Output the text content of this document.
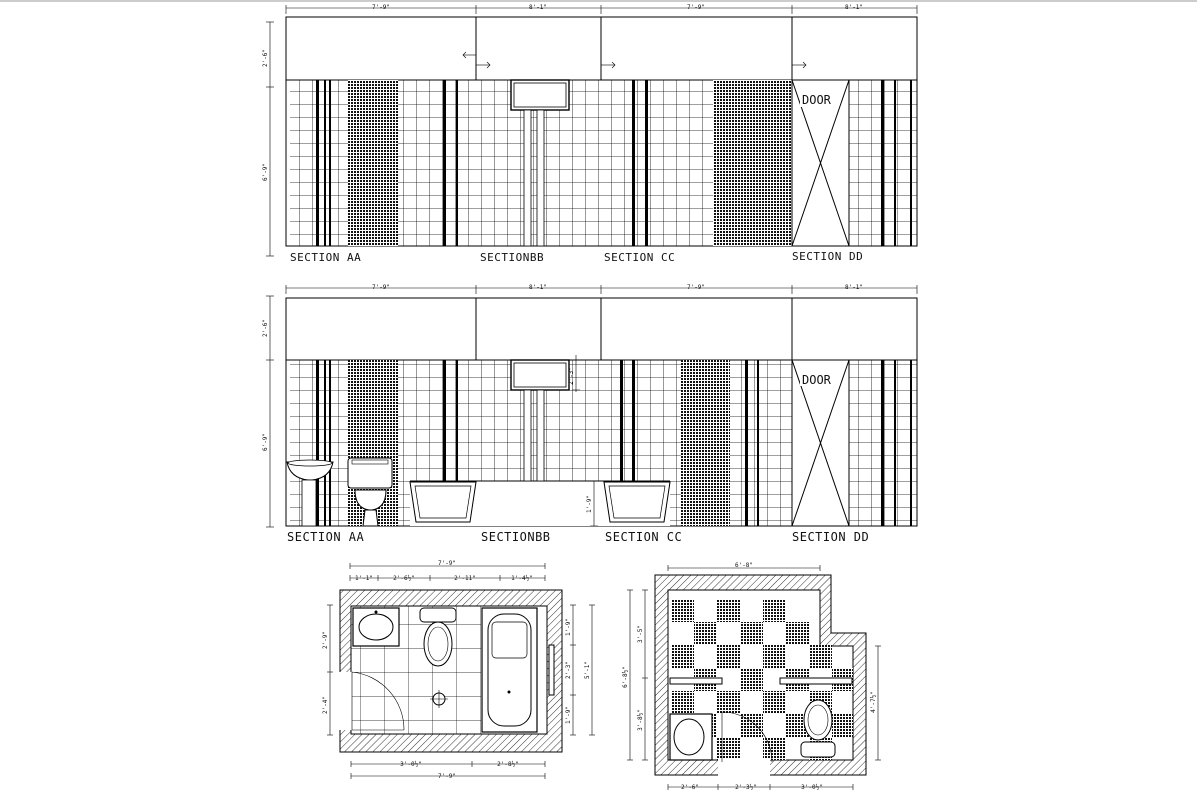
7'-9"	8'-1"	7'-9"	8'-1"
2'-6"
6'-9"
DOOR
SECTION AA	SECTIONBB	SECTION CC	SECTION DD
7'-9"	8'-1"	7'-9"	8'-1"
2'-6"
6'-9"
2'-3"
1'-9"
DOOR
SECTION AA	SECTIONBB	SECTION CC	SECTION DD
7'-9"
1'-1"	2'-6½"	2'-11"	1'-4½"
2'-9"
2'-4"
1'-9"
2'-3"
1'-9"
5'-1"
3'-0½"	2'-8½"
7'-9"
6'-8"
6'-8½"
3'-5"
3'-8½"
4'-7½"
2'-6"	2'-3½"	3'-0½"
